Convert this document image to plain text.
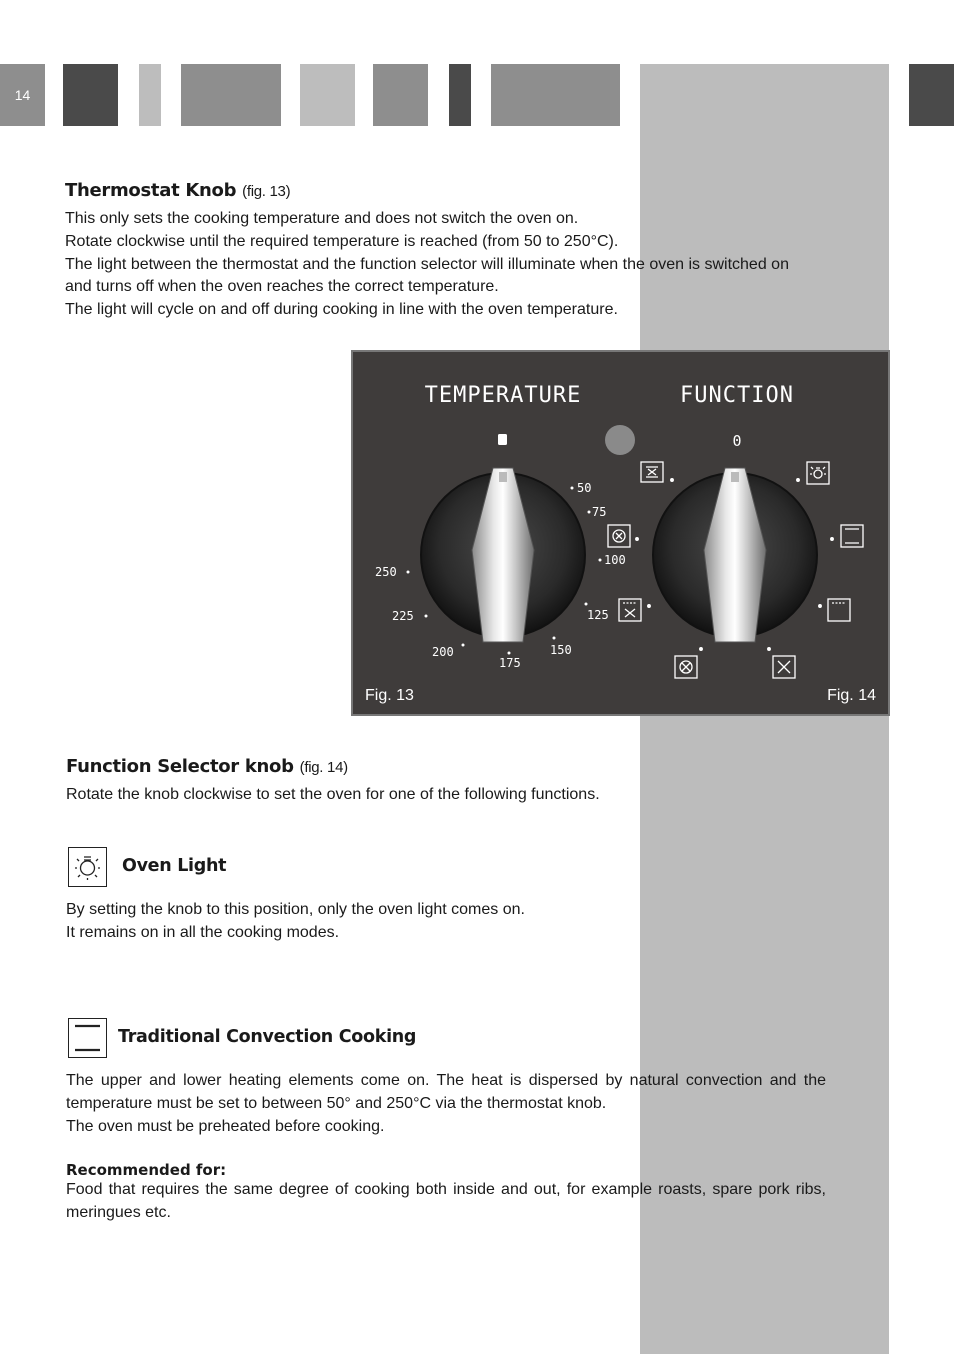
14
Thermostat Knob (fig. 13)

This only sets the cooking temperature and does not switch the oven on.

Rotate clockwise until the required temperature is reached (from 50 to 250°C).

The light between the thermostat and the function selector will illuminate when the oven is switched on

and turns off when the oven reaches the correct temperature.

The light will cycle on and off during cooking in line with the oven temperature.

TEMPERATURE	FUNCTION
0
50
75
100
125
150
175
200
225
250
Fig. 13	Fig. 14
Function Selector knob (fig. 14)

Rotate the knob clockwise to set the oven for one of the following functions.

Oven Light

By setting the knob to this position, only the oven light comes on.

It remains on in all the cooking modes.

Traditional Convection Cooking

The upper and lower heating elements come on. The heat is dispersed by natural convection and the

temperature must be set to between 50° and 250°C via the thermostat knob.

The oven must be preheated before cooking.

Recommended for:

Food that requires the same degree of cooking both inside and out, for example roasts, spare pork ribs,

meringues etc.
